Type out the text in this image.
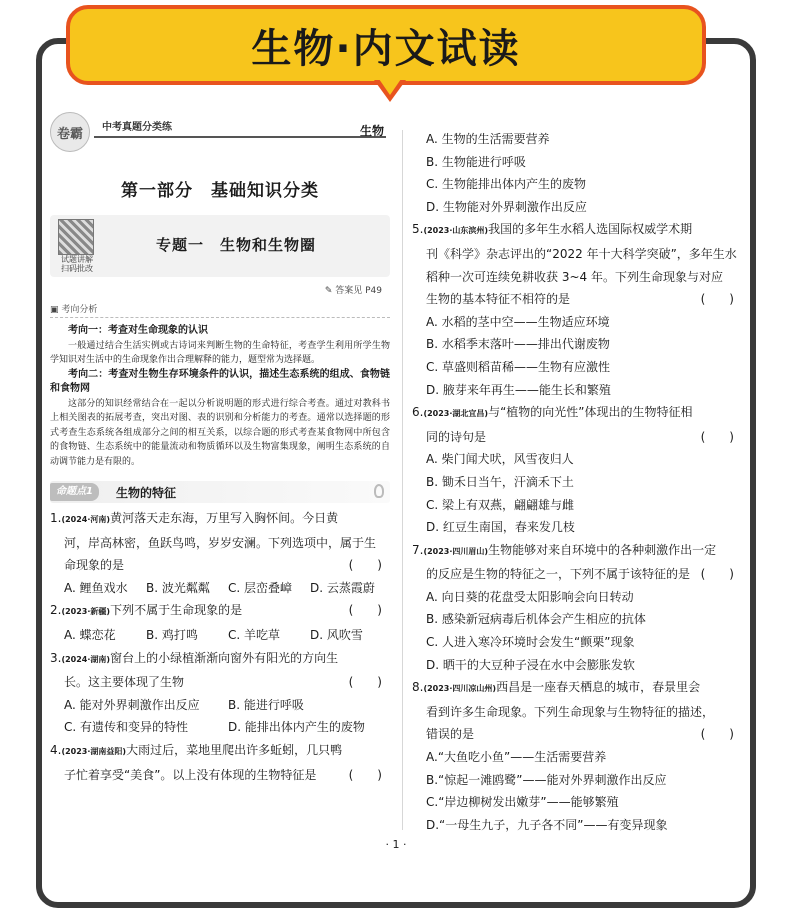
生物·内文试读
卷霸	中考真题分类练	生物
第一部分　基础知识分类
试题讲解
扫码批改
专题一　生物和生物圈
✎ 答案见 P49
▣ 考向分析

考向一：考查对生命现象的认识

一般通过结合生活实例或古诗词来判断生物的生命特征，考查学生利用所学生物学知识对生活中的生命现象作出合理解释的能力，题型常为选择题。

考向二：考查对生物生存环境条件的认识，描述生态系统的组成、食物链和食物网

这部分的知识经常结合在一起以分析说明题的形式进行综合考查。通过对教科书上相关图表的拓展考查，突出对图、表的识别和分析能力的考查。通常以选择题的形式考查生态系统各组成部分之间的相互关系，以综合题的形式考查某食物网中所包含的食物链、生态系统中的能量流动和物质循环以及生物富集现象，阐明生态系统的自动调节能力是有限的。

命题点1	生物的特征
1.(2024·河南)黄河落天走东海，万里写入胸怀间。今日黄
河，岸高林密，鱼跃鸟鸣，岁岁安澜。下列选项中，属于生
命现象的是	(　　)
A. 鲤鱼戏水	B. 波光粼粼	C. 层峦叠嶂	D. 云蒸霞蔚
2.(2023·新疆)下列不属于生命现象的是	(　　)
A. 蝶恋花	B. 鸡打鸣	C. 羊吃草	D. 风吹雪
3.(2024·湖南)窗台上的小绿植渐渐向窗外有阳光的方向生
长。这主要体现了生物	(　　)
A. 能对外界刺激作出反应	B. 能进行呼吸
C. 有遗传和变异的特性	D. 能排出体内产生的废物
4.(2023·湖南益阳)大雨过后，菜地里爬出许多蚯蚓，几只鸭
子忙着享受“美食”。以上没有体现的生物特征是	(　　)
A. 生物的生活需要营养
B. 生物能进行呼吸
C. 生物能排出体内产生的废物
D. 生物能对外界刺激作出反应
5.(2023·山东滨州)我国的多年生水稻人选国际权威学术期
刊《科学》杂志评出的“2022 年十大科学突破”，多年生水
稻种一次可连续免耕收获 3~4 年。下列生命现象与对应
生物的基本特征不相符的是	(　　)
A. 水稻的茎中空——生物适应环境
B. 水稻季末落叶——排出代谢废物
C. 草盛则稻苗稀——生物有应激性
D. 腋芽来年再生——能生长和繁殖
6.(2023·湖北宜昌)与“植物的向光性”体现出的生物特征相
同的诗句是	(　　)
A. 柴门闻犬吠，风雪夜归人
B. 锄禾日当午，汗滴禾下土
C. 梁上有双燕，翩翩雄与雌
D. 红豆生南国，春来发几枝
7.(2023·四川眉山)生物能够对来自环境中的各种刺激作出一定
的反应是生物的特征之一，下列不属于该特征的是 (　　)
A. 向日葵的花盘受太阳影响会向日转动
B. 感染新冠病毒后机体会产生相应的抗体
C. 人进入寒冷环境时会发生“颤栗”现象
D. 晒干的大豆种子浸在水中会膨胀发软
8.(2023·四川凉山州)西昌是一座春天栖息的城市，春景里会
看到许多生命现象。下列生命现象与生物特征的描述，
错误的是	(　　)
A.“大鱼吃小鱼”——生活需要营养
B.“惊起一滩鸥鹭”——能对外界刺激作出反应
C.“岸边柳树发出嫩芽”——能够繁殖
D.“一母生九子，九子各不同”——有变异现象
· 1 ·
